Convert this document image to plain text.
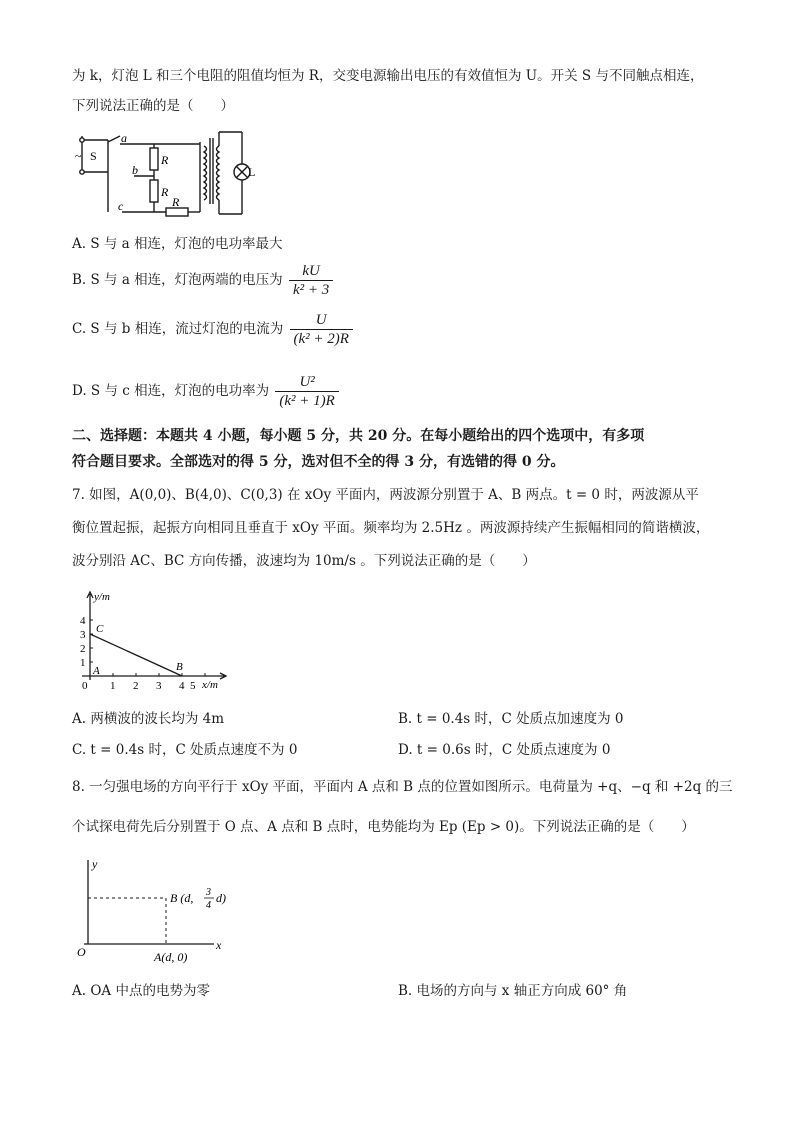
为 k，灯泡 L 和三个电阻的阻值均恒为 R，交变电源输出电压的有效值恒为 U。开关 S 与不同触点相连，
下列说法正确的是（　　）
a
b
c
S
~	R
R
R
L
A. S 与 a 相连，灯泡的电功率最大
B. S 与 a 相连，灯泡两端的电压为 $\frac{kU}{\text{k² + 3}}$
C. S 与 b 相连，流过灯泡的电流为 $\frac{U}{\text{(k² + 2)R}}$
D. S 与 c 相连，灯泡的电功率为 $\frac{\text{U²}}{\text{(k² + 1)R}}$
二、选择题：本题共 4 小题，每小题 5 分，共 20 分。在每小题给出的四个选项中，有多项
符合题目要求。全部选对的得 5 分，选对但不全的得 3 分，有选错的得 0 分。
7. 如图，A(0,0)、B(4,0)、C(0,3) 在 xOy 平面内，两波源分别置于 A、B 两点。t = 0 时，两波源从平
衡位置起振，起振方向相同且垂直于 xOy 平面。频率均为 2.5Hz 。两波源持续产生振幅相同的简谐横波，
波分别沿 AC、BC 方向传播，波速均为 10m/s 。下列说法正确的是（　　）
y/m
x/m
0
1
2
3
4
1 2 3 4 5
A	B
C
A. 两横波的波长均为 4m	B. t = 0.4s 时，C 处质点加速度为 0
C. t = 0.4s 时，C 处质点速度不为 0	D. t = 0.6s 时，C 处质点速度为 0
8. 一匀强电场的方向平行于 xOy 平面，平面内 A 点和 B 点的位置如图所示。电荷量为 +q、−q 和 +2q 的三
个试探电荷先后分别置于 O 点、A 点和 B 点时，电势能均为 Ep (Ep > 0)。下列说法正确的是（　　）
y
x
O
B (d, 3
4
d)
A(d, 0)
A. OA 中点的电势为零	B. 电场的方向与 x 轴正方向成 60° 角
